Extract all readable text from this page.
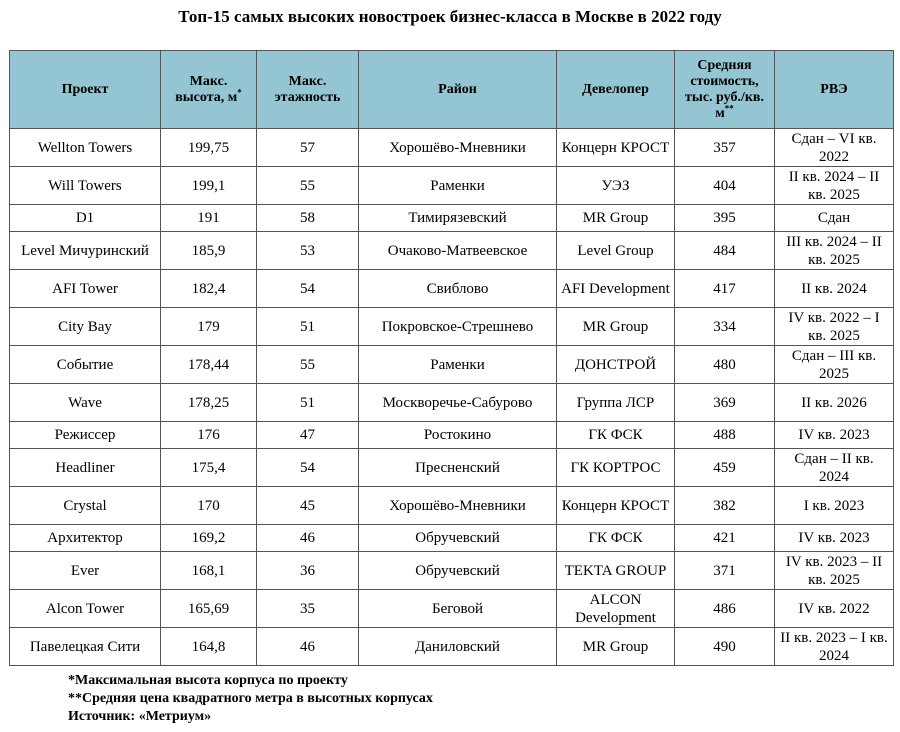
Топ-15 самых высоких новостроек бизнес-класса в Москве в 2022 году
Проект	Макс. высота, м*	Макс. этажность	Район	Девелопер	Средняя стоимость, тыс. руб./кв. м**	РВЭ
Wellton Towers	199,75	57	Хорошёво-Мневники	Концерн КРОСТ	357	Сдан – VI кв. 2022
Will Towers	199,1	55	Раменки	УЭЗ	404	II кв. 2024 – II кв. 2025
D1	191	58	Тимирязевский	MR Group	395	Сдан
Level Мичуринский	185,9	53	Очаково-Матвеевское	Level Group	484	III кв. 2024 – II кв. 2025
AFI Tower	182,4	54	Свиблово	AFI Development	417	II кв. 2024
City Bay	179	51	Покровское-Стрешнево	MR Group	334	IV кв. 2022 – I кв. 2025
Событие	178,44	55	Раменки	ДОНСТРОЙ	480	Сдан – III кв. 2025
Wave	178,25	51	Москворечье-Сабурово	Группа ЛСР	369	II кв. 2026
Режиссер	176	47	Ростокино	ГК ФСК	488	IV кв. 2023
Headliner	175,4	54	Пресненский	ГК КОРТРОС	459	Сдан – II кв. 2024
Crystal	170	45	Хорошёво-Мневники	Концерн КРОСТ	382	I кв. 2023
Архитектор	169,2	46	Обручевский	ГК ФСК	421	IV кв. 2023
Ever	168,1	36	Обручевский	TEKTA GROUP	371	IV кв. 2023 – II кв. 2025
Alcon Tower	165,69	35	Беговой	ALCON Development	486	IV кв. 2022
Павелецкая Сити	164,8	46	Даниловский	MR Group	490	II кв. 2023 – I кв. 2024
*Максимальная высота корпуса по проекту
**Средняя цена квадратного метра в высотных корпусах
Источник: «Метриум»
